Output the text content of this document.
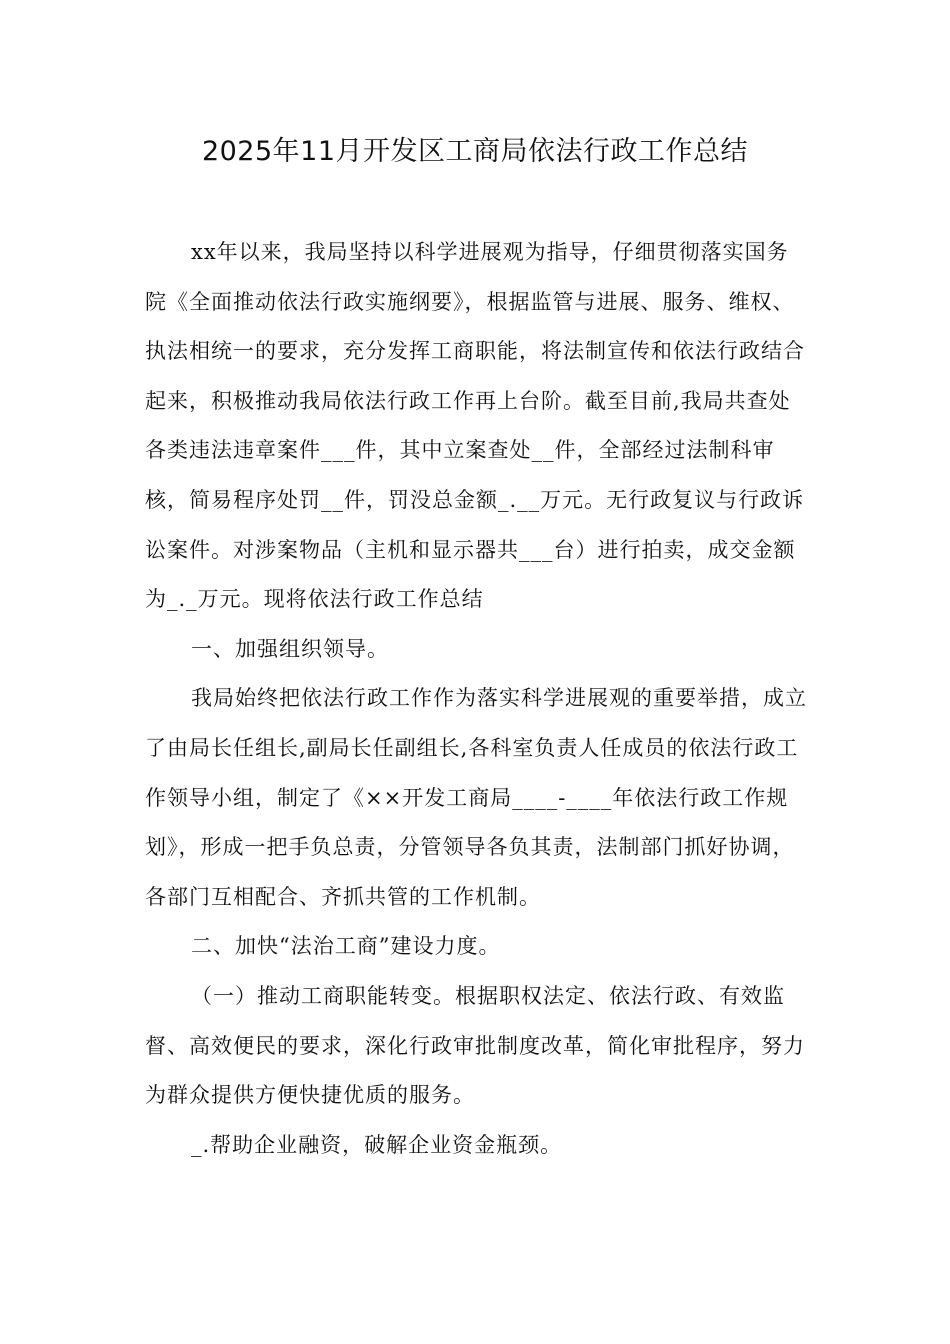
2025年11月开发区工商局依法行政工作总结

xx年以来，我局坚持以科学进展观为指导，仔细贯彻落实国务院《全面推动依法行政实施纲要》，根据监管与进展、服务、维权、执法相统一的要求，充分发挥工商职能，将法制宣传和依法行政结合起来，积极推动我局依法行政工作再上台阶。截至目前,我局共查处各类违法违章案件___件，其中立案查处__件，全部经过法制科审核，简易程序处罚__件，罚没总金额_.__万元。无行政复议与行政诉讼案件。对涉案物品（主机和显示器共___台）进行拍卖，成交金额为_._万元。现将依法行政工作总结

一、加强组织领导。

我局始终把依法行政工作作为落实科学进展观的重要举措，成立了由局长任组长,副局长任副组长,各科室负责人任成员的依法行政工作领导小组，制定了《××开发工商局____-____年依法行政工作规划》，形成一把手负总责，分管领导各负其责，法制部门抓好协调，各部门互相配合、齐抓共管的工作机制。

二、加快“法治工商”建设力度。

（一）推动工商职能转变。根据职权法定、依法行政、有效监督、高效便民的要求，深化行政审批制度改革，简化审批程序，努力为群众提供方便快捷优质的服务。

_.帮助企业融资，破解企业资金瓶颈。
